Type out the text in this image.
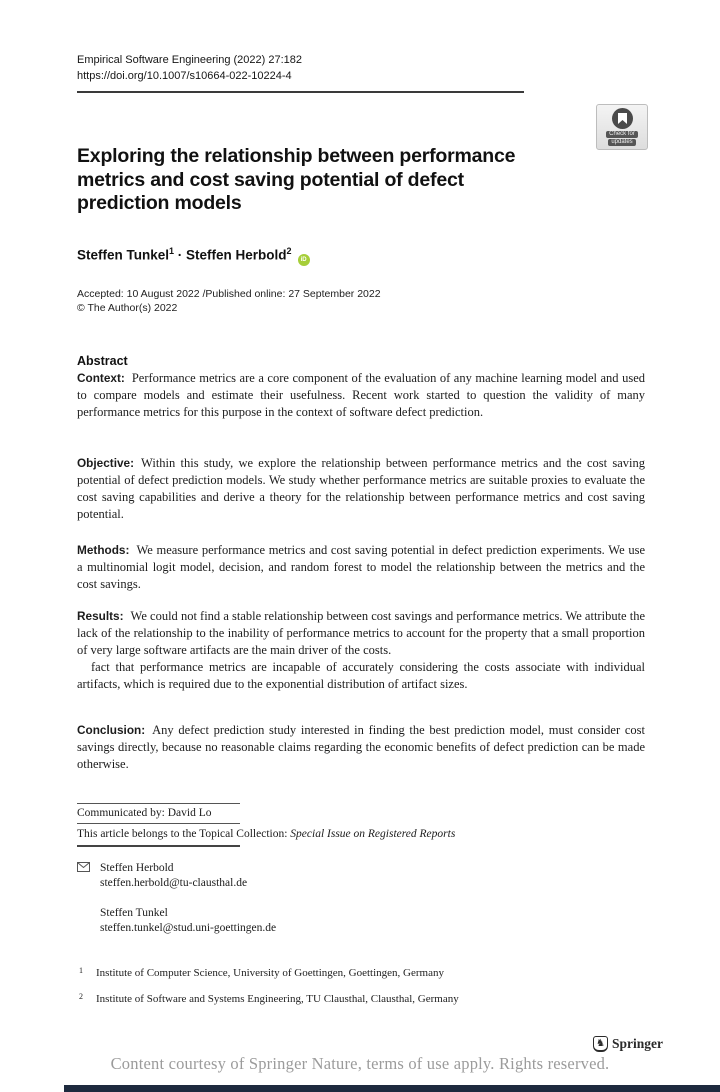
Empirical Software Engineering (2022) 27:182
https://doi.org/10.1007/s10664-022-10224-4
Check for
updates
Exploring the relationship between performance
metrics and cost saving potential of defect
prediction models
Steffen Tunkel$^1$ · Steffen Herbold$^2$iD
Accepted: 10 August 2022 /Published online: 27 September 2022
© The Author(s) 2022
Abstract
Context: Performance metrics are a core component of the evaluation of any machine learning model and used to compare models and estimate their usefulness. Recent work started to question the validity of many performance metrics for this purpose in the context of software defect prediction.
Objective: Within this study, we explore the relationship between performance metrics and the cost saving potential of defect prediction models. We study whether performance metrics are suitable proxies to evaluate the cost saving capabilities and derive a theory for the relationship between performance metrics and cost saving potential.
Methods: We measure performance metrics and cost saving potential in defect prediction experiments. We use a multinomial logit model, decision, and random forest to model the relationship between the metrics and the cost savings.
Results: We could not find a stable relationship between cost savings and performance metrics. We attribute the lack of the relationship to the inability of performance metrics to account for the property that a small proportion of very large software artifacts are the main driver of the costs.
fact that performance metrics are incapable of accurately considering the costs associate with individual artifacts, which is required due to the exponential distribution of artifact sizes.
Conclusion: Any defect prediction study interested in finding the best prediction model, must consider cost savings directly, because no reasonable claims regarding the economic benefits of defect prediction can be made otherwise.
Communicated by: David Lo
This article belongs to the Topical Collection: Special Issue on Registered Reports
Steffen Herbold
steffen.herbold@tu-clausthal.de
Steffen Tunkel
steffen.tunkel@stud.uni-goettingen.de
1 Institute of Computer Science, University of Goettingen, Goettingen, Germany
2 Institute of Software and Systems Engineering, TU Clausthal, Clausthal, Germany
♞ Springer
Content courtesy of Springer Nature, terms of use apply. Rights reserved.
